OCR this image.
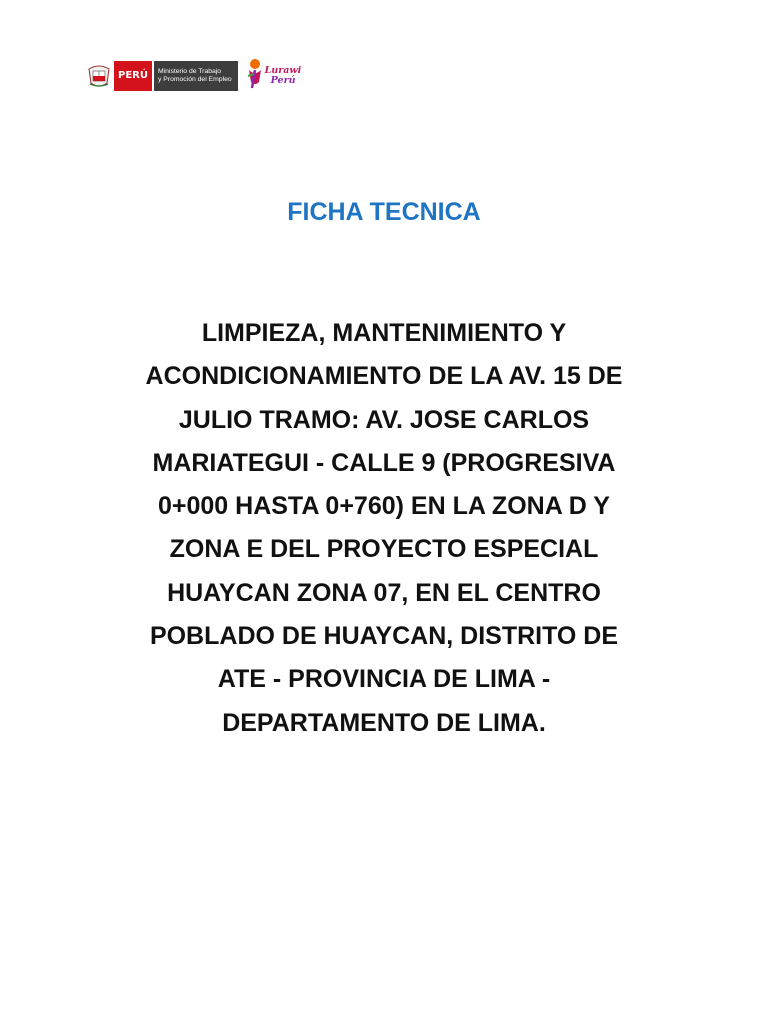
PERÚ	Ministerio de Trabajo
y Promoción del Empleo
Lurawi
Perú
FICHA TECNICA
LIMPIEZA, MANTENIMIENTO Y
ACONDICIONAMIENTO DE LA AV. 15 DE
JULIO TRAMO: AV. JOSE CARLOS
MARIATEGUI - CALLE 9 (PROGRESIVA
0+000 HASTA 0+760) EN LA ZONA D Y
ZONA E DEL PROYECTO ESPECIAL
HUAYCAN ZONA 07, EN EL CENTRO
POBLADO DE HUAYCAN, DISTRITO DE
ATE - PROVINCIA DE LIMA -
DEPARTAMENTO DE LIMA.
